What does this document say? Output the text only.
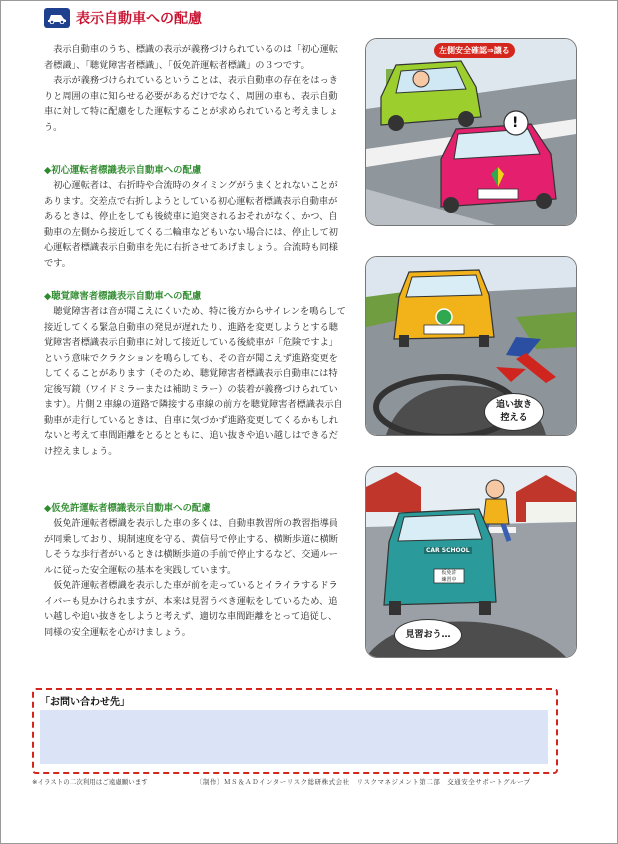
表示自動車への配慮

表示自動車のうち、標識の表示が義務づけられているのは「初心運転者標識」、「聴覚障害者標識」、「仮免許運転者標識」の３つです。

表示が義務づけられているということは、表示自動車の存在をはっきりと周囲の車に知らせる必要があるだけでなく、周囲の車も、表示自動車に対して特に配慮をした運転することが求められていると考えましょう。

◆初心運転者標識表示自動車への配慮

初心運転者は、右折時や合流時のタイミングがうまくとれないことがあります。交差点で右折しようとしている初心運転者標識表示自動車があるときは、停止をしても後続車に追突されるおそれがなく、かつ、自動車の左側から接近してくる二輪車などもいない場合には、停止して初心運転者標識表示自動車を先に右折させてあげましょう。合流時も同様です。

◆聴覚障害者標識表示自動車への配慮

聴覚障害者は音が聞こえにくいため、特に後方からサイレンを鳴らして接近してくる緊急自動車の発見が遅れたり、進路を変更しようとする聴覚障害者標識表示自動車に対して接近している後続車が「危険ですよ」という意味でクラクションを鳴らしても、その音が聞こえず進路変更をしてくることがあります（そのため、聴覚障害者標識表示自動車には特定後写鏡（ワイドミラーまたは補助ミラー）の装着が義務づけられています）。片側２車線の道路で隣接する車線の前方を聴覚障害者標識表示自動車が走行しているときは、自車に気づかず進路変更してくるかもしれないと考えて車間距離をとるとともに、追い抜きや追い越しはできるだけ控えましょう。

◆仮免許運転者標識表示自動車への配慮

仮免許運転者標識を表示した車の多くは、自動車教習所の教習指導員が同乗しており、規制速度を守る、黄信号で停止する、横断歩道に横断しそうな歩行者がいるときは横断歩道の手前で停止するなど、交通ルールに従った安全運転の基本を実践しています。

仮免許運転者標識を表示した車が前を走っているとイライラするドライバーも見かけられますが、本来は見習うべき運転をしているため、追い越しや追い抜きをしようと考えず、適切な車間距離をとって追従し、同様の安全運転を心がけましょう。

左側安全確認⇒譲る
!
追い抜き
控える
CAR SCHOOL
仮免許
練習中
見習おう…
「お問い合わせ先」
※イラストの二次利用はご遠慮願います	〔制作〕ＭＳ＆ＡＤインターリスク総研株式会社　リスクマネジメント第二部　交通安全サポートグループ
